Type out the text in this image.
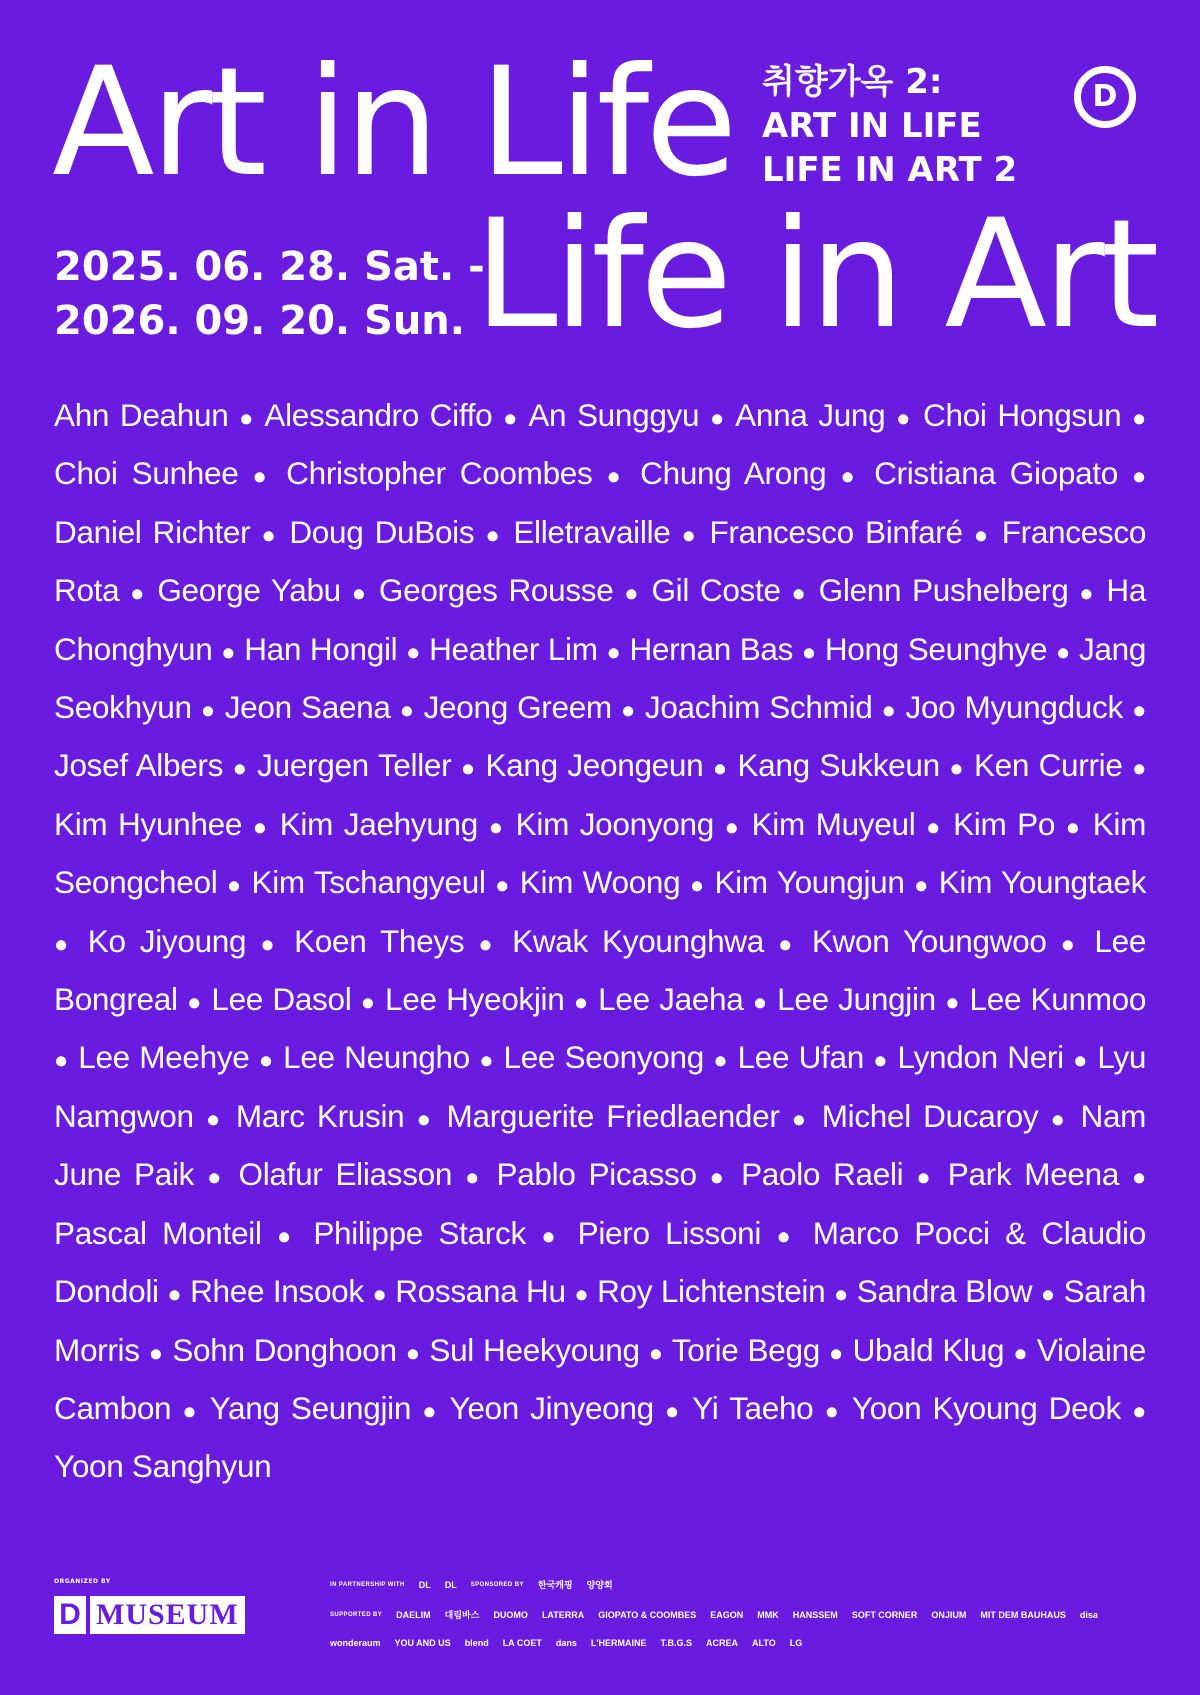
Art in Life
Life in Art
취향가옥 2:
ART IN LIFE
LIFE IN ART 2
D
2025. 06. 28. Sat. -
2026. 09. 20. Sun.
Ahn Deahun ● Alessandro Ciffo ● An Sunggyu ● Anna Jung ● Choi Hongsun ● Choi Sunhee ● Christopher Coombes ● Chung Arong ● Cristiana Giopato ● Daniel Richter ● Doug DuBois ● Elletravaille ● Francesco Binfaré ● Francesco Rota ● George Yabu ● Georges Rousse ● Gil Coste ● Glenn Pushelberg ● Ha Chonghyun ● Han Hongil ● Heather Lim ● Hernan Bas ● Hong Seunghye ● Jang Seokhyun ● Jeon Saena ● Jeong Greem ● Joachim Schmid ● Joo Myungduck ● Josef Albers ● Juergen Teller ● Kang Jeongeun ● Kang Sukkeun ● Ken Currie ● Kim Hyunhee ● Kim Jaehyung ● Kim Joonyong ● Kim Muyeul ● Kim Po ● Kim Seongcheol ● Kim Tschangyeul ● Kim Woong ● Kim Youngjun ● Kim Youngtaek ● Ko Jiyoung ● Koen Theys ● Kwak Kyounghwa ● Kwon Youngwoo ● Lee Bongreal ● Lee Dasol ● Lee Hyeokjin ● Lee Jaeha ● Lee Jungjin ● Lee Kunmoo ● Lee Meehye ● Lee Neungho ● Lee Seonyong ● Lee Ufan ● Lyndon Neri ● Lyu Namgwon ● Marc Krusin ● Marguerite Friedlaender ● Michel Ducaroy ● Nam June Paik ● Olafur Eliasson ● Pablo Picasso ● Paolo Raeli ● Park Meena ● Pascal Monteil ● Philippe Starck ● Piero Lissoni ● Marco Pocci & Claudio Dondoli ● Rhee Insook ● Rossana Hu ● Roy Lichtenstein ● Sandra Blow ● Sarah Morris ● Sohn Donghoon ● Sul Heekyoung ● Torie Begg ● Ubald Klug ● Violaine Cambon ● Yang Seungjin ● Yeon Jinyeong ● Yi Taeho ● Yoon Kyoung Deok ● Yoon Sanghyun
ORGANIZED BY
D MUSEUM
IN PARTNERSHIP WITH DL DL SPONSORED BY 한국캐핑 양양회
SUPPORTED BY DAELIM 대림바스 DUOMO LATERRA GIOPATO & COOMBES EAGON MMK HANSSEM SOFT CORNER ONJIUM MIT DEM BAUHAUS disa
wonderaum YOU AND US blend LA COET dans L'HERMAINE T.B.G.S ACREA ALTO LG
